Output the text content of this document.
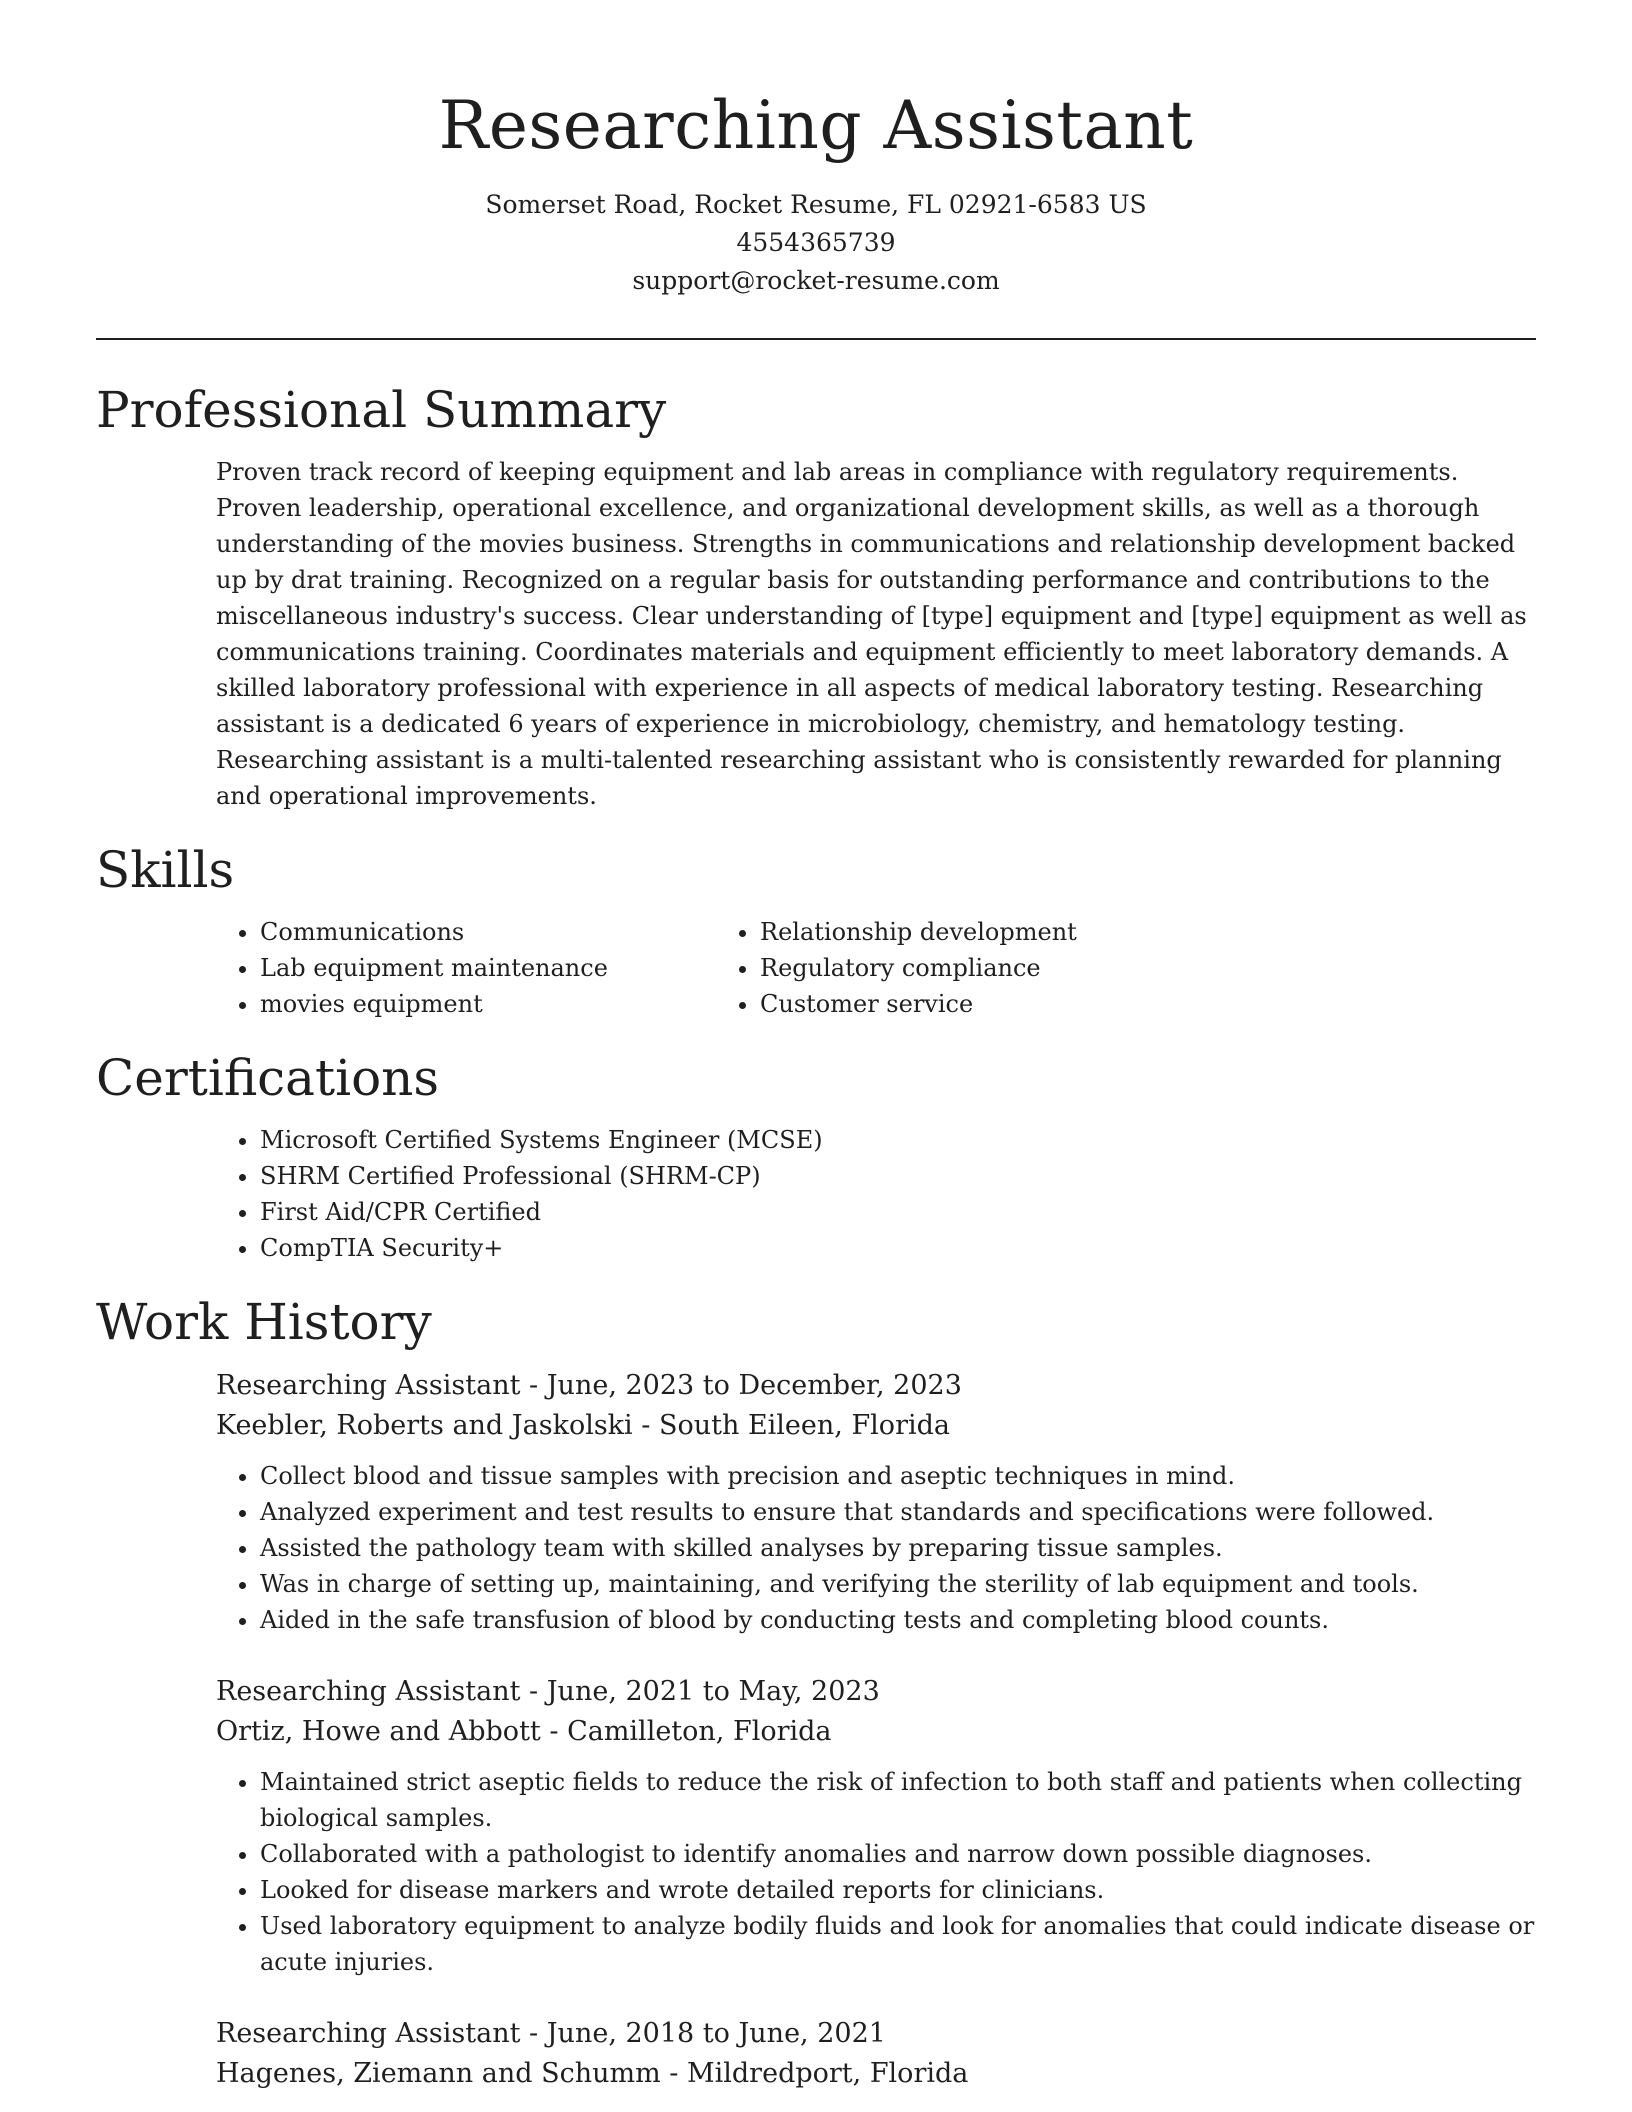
Researching Assistant

Somerset Road, Rocket Resume, FL 02921-6583 US

4554365739

support@rocket-resume.com

Professional Summary

Proven track record of keeping equipment and lab areas in compliance with regulatory requirements. Proven leadership, operational excellence, and organizational development skills, as well as a thorough understanding of the movies business. Strengths in communications and relationship development backed up by drat training. Recognized on a regular basis for outstanding performance and contributions to the miscellaneous industry's success. Clear understanding of [type] equipment and [type] equipment as well as communications training. Coordinates materials and equipment efficiently to meet laboratory demands. A skilled laboratory professional with experience in all aspects of medical laboratory testing. Researching assistant is a dedicated 6 years of experience in microbiology, chemistry, and hematology testing. Researching assistant is a multi-talented researching assistant who is consistently rewarded for planning and operational improvements.

Skills
• Communications
• Lab equipment maintenance
• movies equipment
• Relationship development
• Regulatory compliance
• Customer service
Certifications
• Microsoft Certified Systems Engineer (MCSE)
• SHRM Certified Professional (SHRM-CP)
• First Aid/CPR Certified
• CompTIA Security+
Work History

Researching Assistant - June, 2023 to December, 2023

Keebler, Roberts and Jaskolski - South Eileen, Florida

• Collect blood and tissue samples with precision and aseptic techniques in mind.
• Analyzed experiment and test results to ensure that standards and specifications were followed.
• Assisted the pathology team with skilled analyses by preparing tissue samples.
• Was in charge of setting up, maintaining, and verifying the sterility of lab equipment and tools.
• Aided in the safe transfusion of blood by conducting tests and completing blood counts.

Researching Assistant - June, 2021 to May, 2023

Ortiz, Howe and Abbott - Camilleton, Florida

• Maintained strict aseptic fields to reduce the risk of infection to both staff and patients when collecting biological samples.
• Collaborated with a pathologist to identify anomalies and narrow down possible diagnoses.
• Looked for disease markers and wrote detailed reports for clinicians.
• Used laboratory equipment to analyze bodily fluids and look for anomalies that could indicate disease or acute injuries.

Researching Assistant - June, 2018 to June, 2021

Hagenes, Ziemann and Schumm - Mildredport, Florida
